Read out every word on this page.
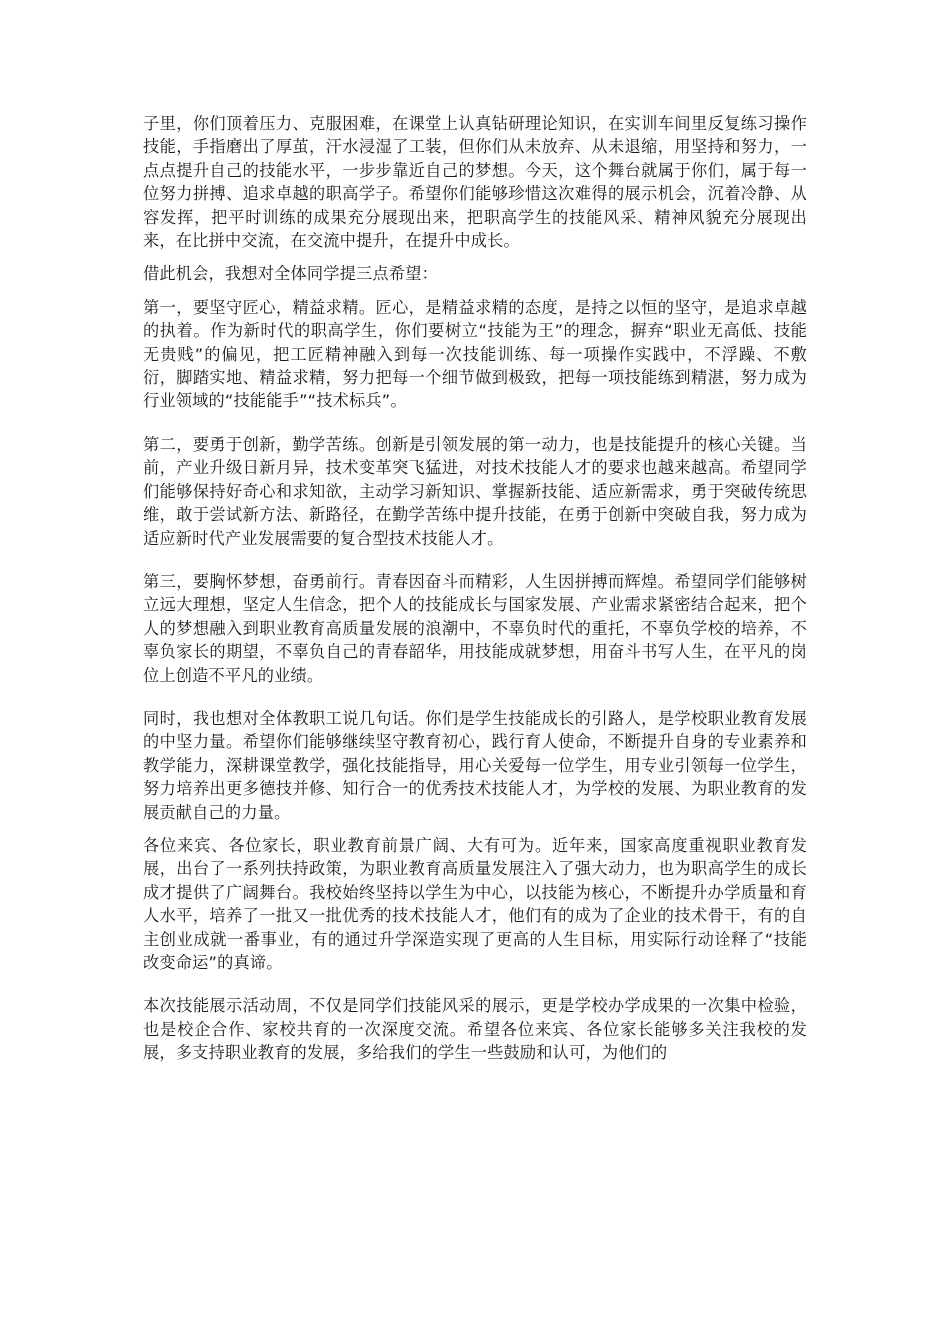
子里，你们顶着压力、克服困难，在课堂上认真钻研理论知识，在实训车间里反复练习操作技能，手指磨出了厚茧，汗水浸湿了工装，但你们从未放弃、从未退缩，用坚持和努力，一点点提升自己的技能水平，一步步靠近自己的梦想。今天，这个舞台就属于你们，属于每一位努力拼搏、追求卓越的职高学子。希望你们能够珍惜这次难得的展示机会，沉着冷静、从容发挥，把平时训练的成果充分展现出来，把职高学生的技能风采、精神风貌充分展现出来，在比拼中交流，在交流中提升，在提升中成长。

借此机会，我想对全体同学提三点希望：

第一，要坚守匠心，精益求精。匠心，是精益求精的态度，是持之以恒的坚守，是追求卓越的执着。作为新时代的职高学生，你们要树立“技能为王”的理念，摒弃“职业无高低、技能无贵贱”的偏见，把工匠精神融入到每一次技能训练、每一项操作实践中，不浮躁、不敷衍，脚踏实地、精益求精，努力把每一个细节做到极致，把每一项技能练到精湛，努力成为行业领域的“技能能手”“技术标兵”。

第二，要勇于创新，勤学苦练。创新是引领发展的第一动力，也是技能提升的核心关键。当前，产业升级日新月异，技术变革突飞猛进，对技术技能人才的要求也越来越高。希望同学们能够保持好奇心和求知欲，主动学习新知识、掌握新技能、适应新需求，勇于突破传统思维，敢于尝试新方法、新路径，在勤学苦练中提升技能，在勇于创新中突破自我，努力成为适应新时代产业发展需要的复合型技术技能人才。

第三，要胸怀梦想，奋勇前行。青春因奋斗而精彩，人生因拼搏而辉煌。希望同学们能够树立远大理想，坚定人生信念，把个人的技能成长与国家发展、产业需求紧密结合起来，把个人的梦想融入到职业教育高质量发展的浪潮中，不辜负时代的重托，不辜负学校的培养，不辜负家长的期望，不辜负自己的青春韶华，用技能成就梦想，用奋斗书写人生，在平凡的岗位上创造不平凡的业绩。

同时，我也想对全体教职工说几句话。你们是学生技能成长的引路人，是学校职业教育发展的中坚力量。希望你们能够继续坚守教育初心，践行育人使命，不断提升自身的专业素养和教学能力，深耕课堂教学，强化技能指导，用心关爱每一位学生，用专业引领每一位学生，努力培养出更多德技并修、知行合一的优秀技术技能人才，为学校的发展、为职业教育的发展贡献自己的力量。

各位来宾、各位家长，职业教育前景广阔、大有可为。近年来，国家高度重视职业教育发展，出台了一系列扶持政策，为职业教育高质量发展注入了强大动力，也为职高学生的成长成才提供了广阔舞台。我校始终坚持以学生为中心，以技能为核心，不断提升办学质量和育人水平，培养了一批又一批优秀的技术技能人才，他们有的成为了企业的技术骨干，有的自主创业成就一番事业，有的通过升学深造实现了更高的人生目标，用实际行动诠释了“技能改变命运”的真谛。

本次技能展示活动周，不仅是同学们技能风采的展示，更是学校办学成果的一次集中检验，也是校企合作、家校共育的一次深度交流。希望各位来宾、各位家长能够多关注我校的发展，多支持职业教育的发展，多给我们的学生一些鼓励和认可，为他们的
